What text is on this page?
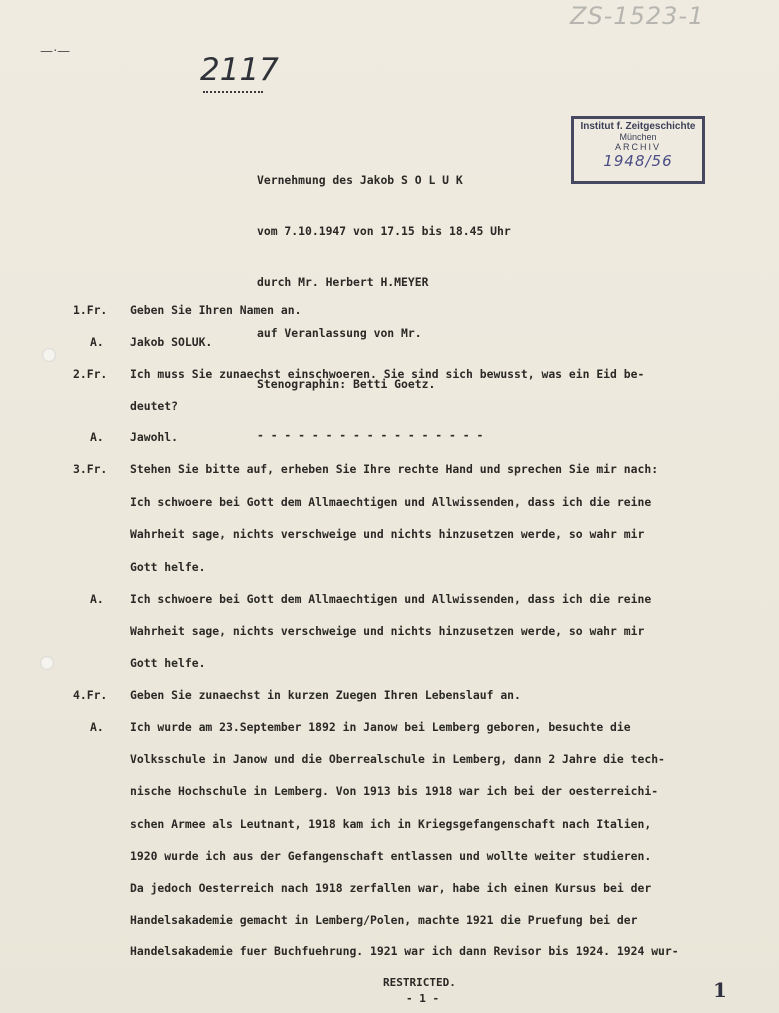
—·—
ZS-1523-1
2117
Institut f. Zeitgeschichte
München
ARCHIV
1948/56

Vernehmung des Jakob S O L U K

vom 7.10.1947 von 17.15 bis 18.45 Uhr

durch Mr. Herbert H.MEYER

auf Veranlassung von Mr.

Stenographin: Betti Goetz.

- - - - - - - - - - - - - - - - -

1.Fr.
A.
2.Fr.
A.
3.Fr.
A.
4.Fr.
A.
Geben Sie Ihren Namen an.
Jakob SOLUK.
Ich muss Sie zunaechst einschwoeren. Sie sind sich bewusst, was ein Eid be-
deutet?
Jawohl.
Stehen Sie bitte auf, erheben Sie Ihre rechte Hand und sprechen Sie mir nach:
Ich schwoere bei Gott dem Allmaechtigen und Allwissenden, dass ich die reine
Wahrheit sage, nichts verschweige und nichts hinzusetzen werde, so wahr mir
Gott helfe.
Ich schwoere bei Gott dem Allmaechtigen und Allwissenden, dass ich die reine
Wahrheit sage, nichts verschweige und nichts hinzusetzen werde, so wahr mir
Gott helfe.
Geben Sie zunaechst in kurzen Zuegen Ihren Lebenslauf an.
Ich wurde am 23.September 1892 in Janow bei Lemberg geboren, besuchte die
Volksschule in Janow und die Oberrealschule in Lemberg, dann 2 Jahre die tech-
nische Hochschule in Lemberg. Von 1913 bis 1918 war ich bei der oesterreichi-
schen Armee als Leutnant, 1918 kam ich in Kriegsgefangenschaft nach Italien,
1920 wurde ich aus der Gefangenschaft entlassen und wollte weiter studieren.
Da jedoch Oesterreich nach 1918 zerfallen war, habe ich einen Kursus bei der
Handelsakademie gemacht in Lemberg/Polen, machte 1921 die Pruefung bei der
Handelsakademie fuer Buchfuehrung. 1921 war ich dann Revisor bis 1924. 1924 wur-
RESTRICTED.
- 1 -	1
